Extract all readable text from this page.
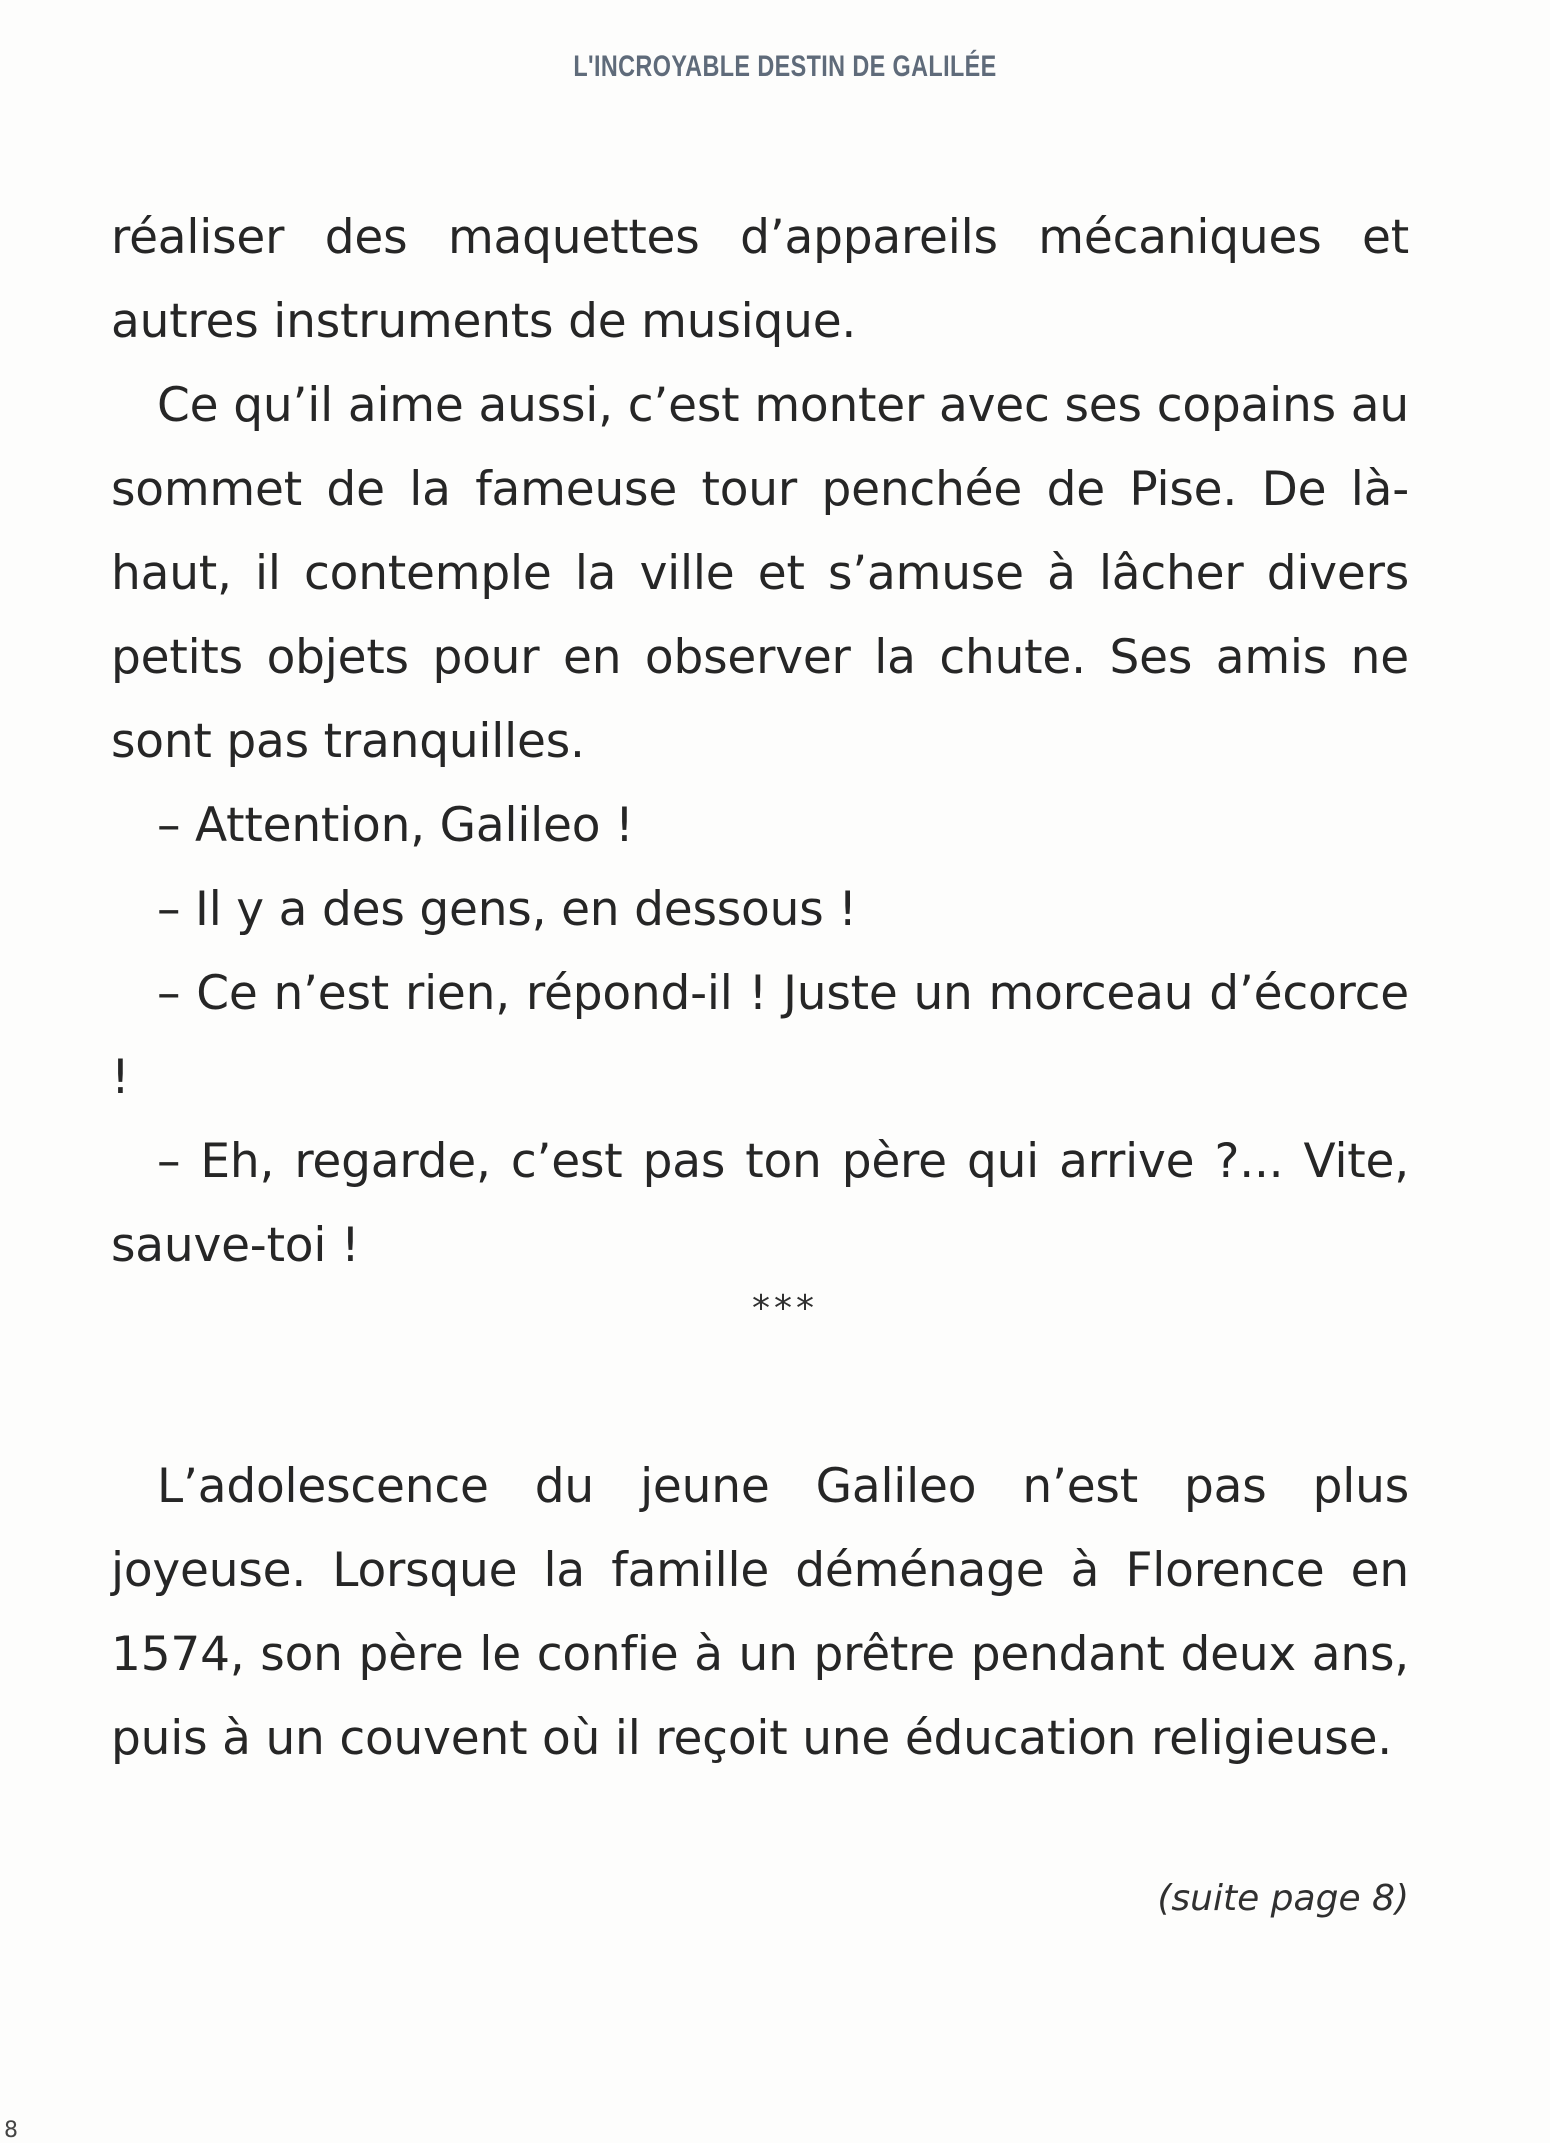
L'INCROYABLE DESTIN DE GALILÉE

réaliser des maquettes d’appareils mécaniques et autres instruments de musique.

Ce qu’il aime aussi, c’est monter avec ses copains au sommet de la fameuse tour penchée de Pise. De là-haut, il contemple la ville et s’amuse à lâcher divers petits objets pour en observer la chute. Ses amis ne sont pas tranquilles.

– Attention, Galileo !

– Il y a des gens, en dessous !

– Ce n’est rien, répond-il ! Juste un morceau d’écorce !

– Eh, regarde, c’est pas ton père qui arrive ?... Vite, sauve-toi !

***

L’adolescence du jeune Galileo n’est pas plus joyeuse. Lorsque la famille déménage à Florence en 1574, son père le confie à un prêtre pendant deux ans, puis à un couvent où il reçoit une éducation religieuse.

(suite page 8)
8
